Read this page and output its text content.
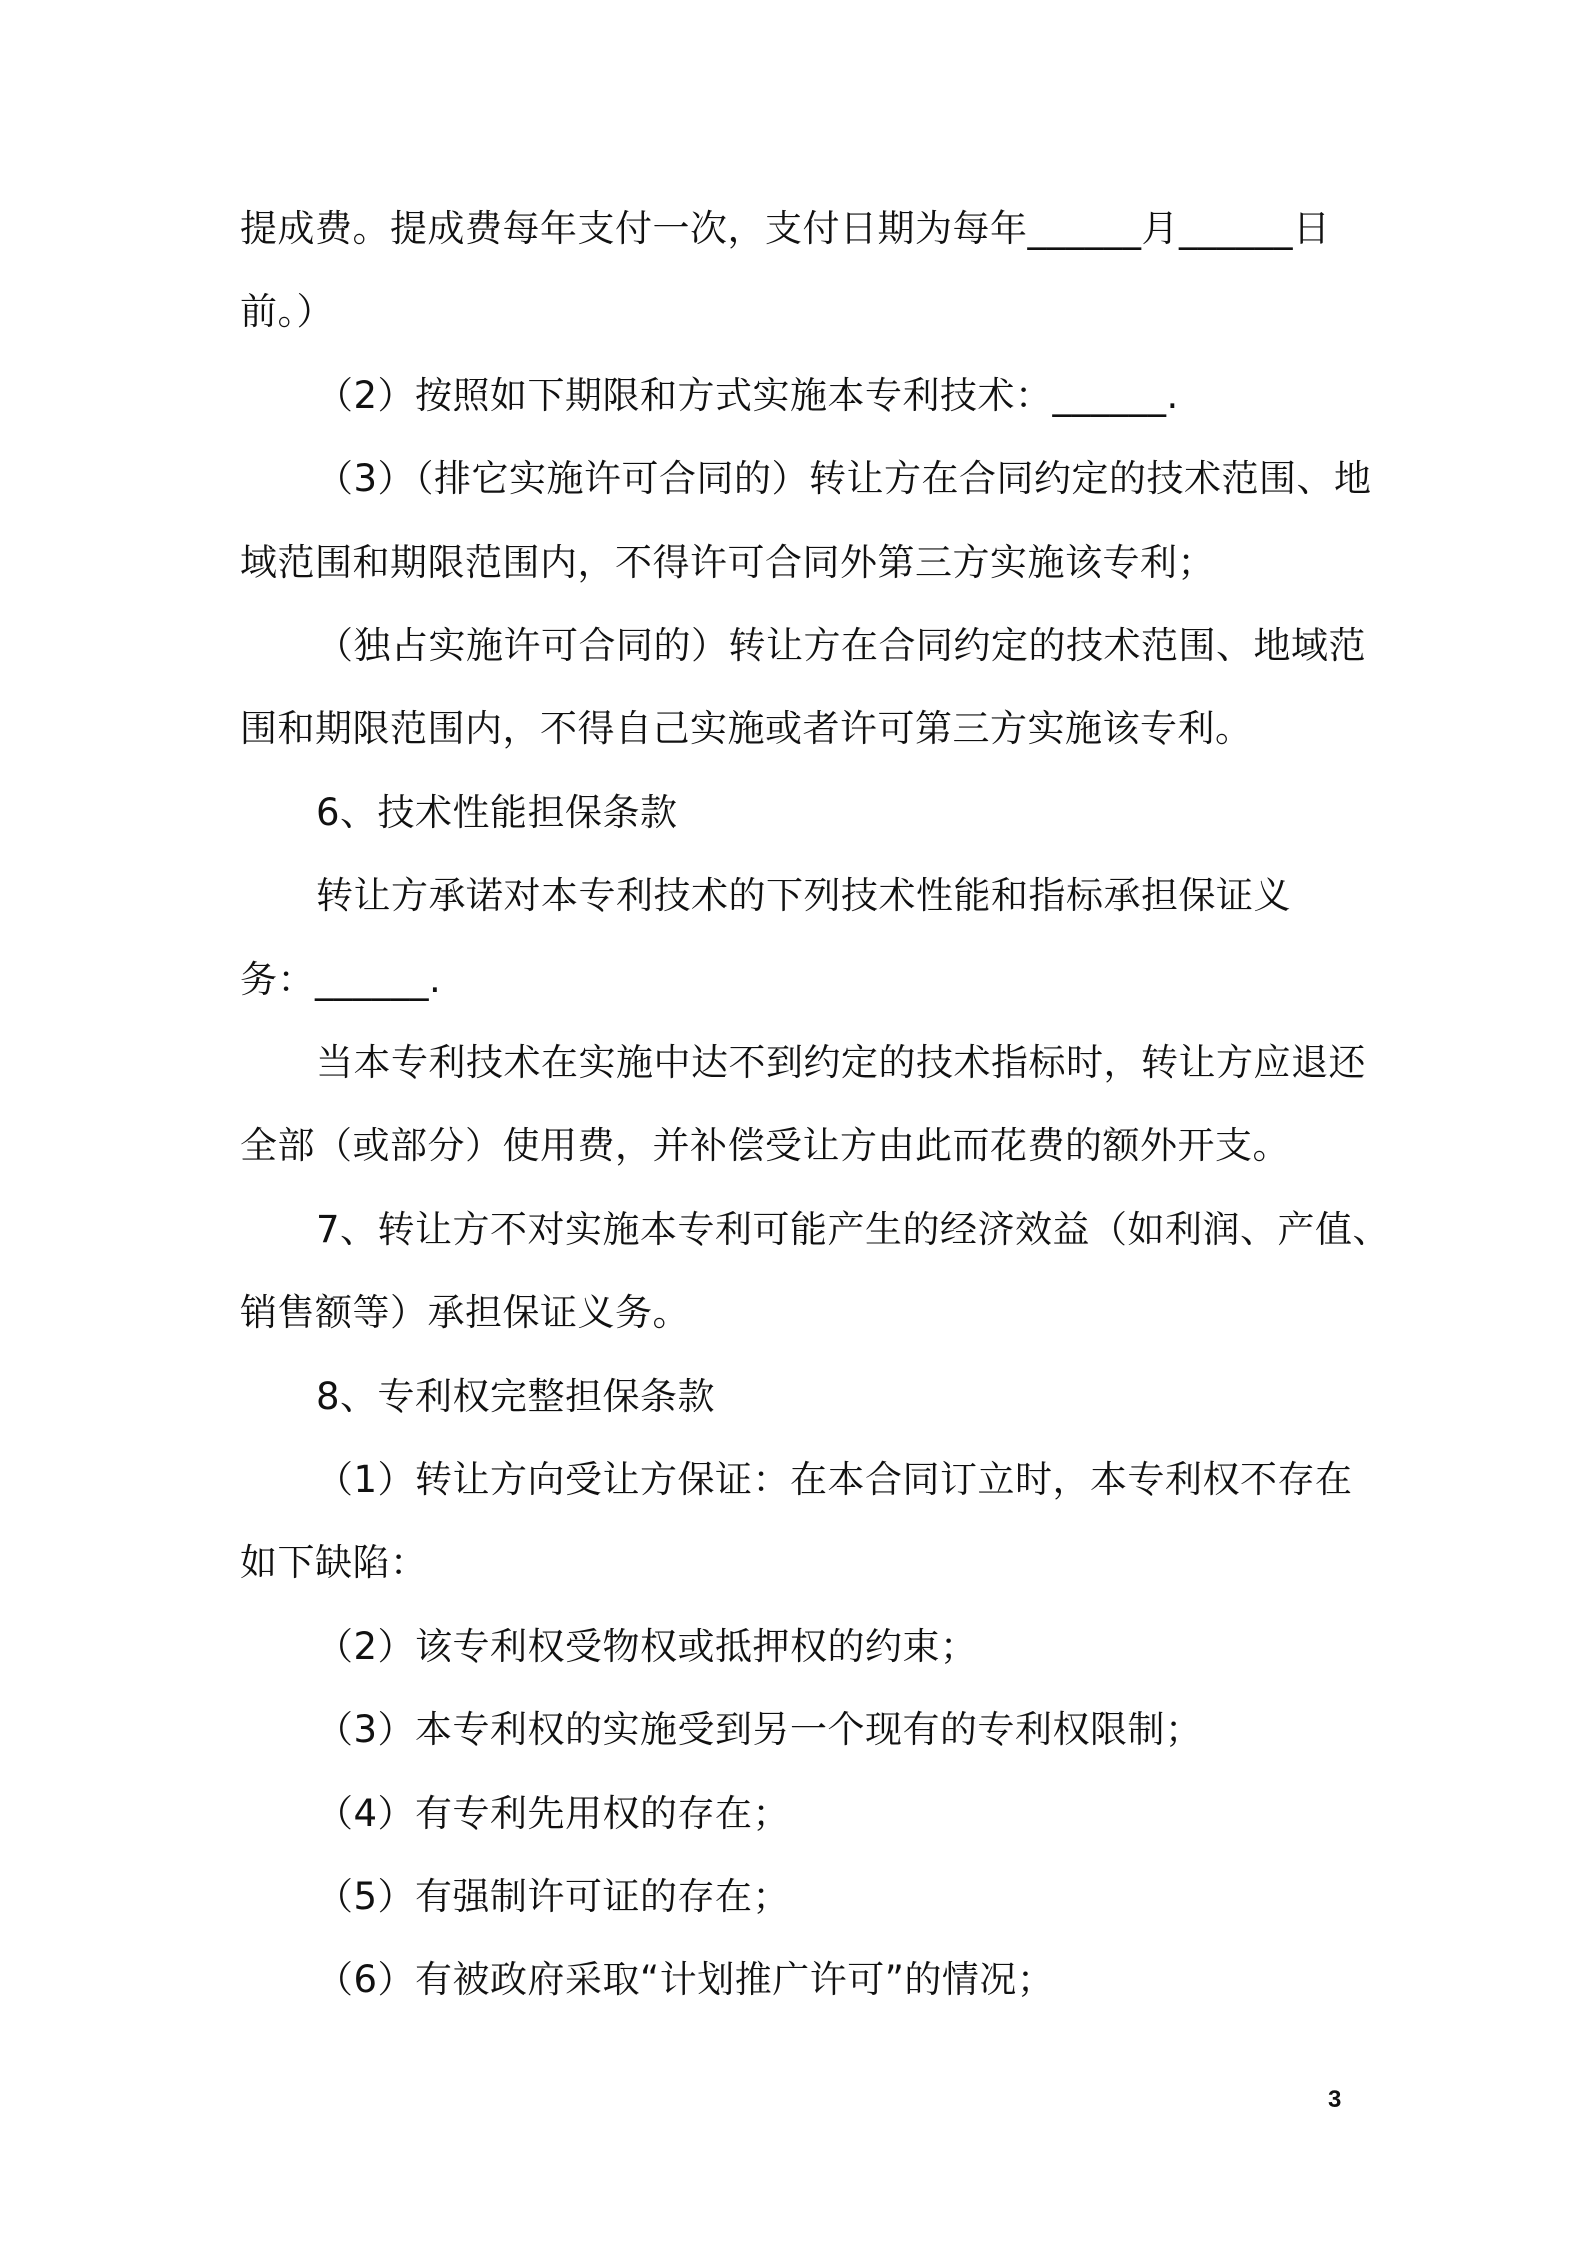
提成费。提成费每年支付一次，支付日期为每年______月______日
前。）
（2）按照如下期限和方式实施本专利技术：______.
（3）（排它实施许可合同的）转让方在合同约定的技术范围、地
域范围和期限范围内，不得许可合同外第三方实施该专利；
（独占实施许可合同的）转让方在合同约定的技术范围、地域范
围和期限范围内，不得自己实施或者许可第三方实施该专利。
6、技术性能担保条款
转让方承诺对本专利技术的下列技术性能和指标承担保证义
务：______.
当本专利技术在实施中达不到约定的技术指标时，转让方应退还
全部（或部分）使用费，并补偿受让方由此而花费的额外开支。
7、转让方不对实施本专利可能产生的经济效益（如利润、产值、
销售额等）承担保证义务。
8、专利权完整担保条款
（1）转让方向受让方保证：在本合同订立时，本专利权不存在
如下缺陷：
（2）该专利权受物权或抵押权的约束；
（3）本专利权的实施受到另一个现有的专利权限制；
（4）有专利先用权的存在；
（5）有强制许可证的存在；
（6）有被政府采取“计划推广许可”的情况；
3
